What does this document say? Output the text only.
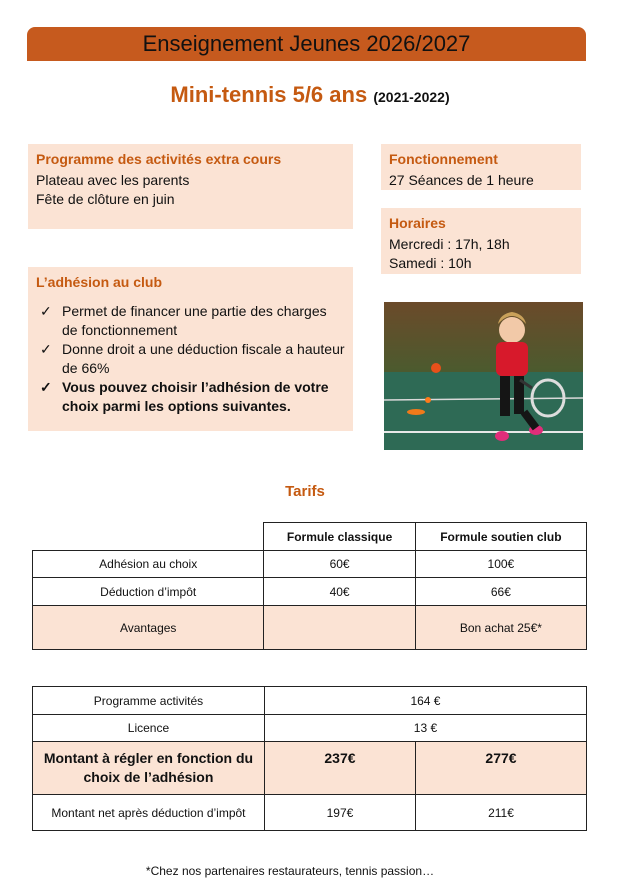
Enseignement Jeunes 2026/2027
Mini-tennis 5/6 ans (2021-2022)
Programme des activités extra cours
Plateau avec les parents
Fête de clôture en juin
Fonctionnement
27 Séances de 1 heure
Horaires
Mercredi : 17h, 18h
Samedi : 10h
L’adhésion au club
✓ Permet de financer une partie des charges de fonctionnement
✓ Donne droit a une déduction fiscale a hauteur de 66%
✓ Vous pouvez choisir l’adhésion de votre choix parmi les options suivantes.
Tarifs
	Formule classique	Formule soutien club
Adhésion au choix	60€	100€
Déduction d’impôt	40€	66€
Avantages		Bon achat 25€*
Programme activités	164 €	
Licence	13 €	
Montant à régler en fonction du choix de l’adhésion	237€	277€
Montant net après déduction d’impôt	197€	211€
*Chez nos partenaires restaurateurs, tennis passion…
